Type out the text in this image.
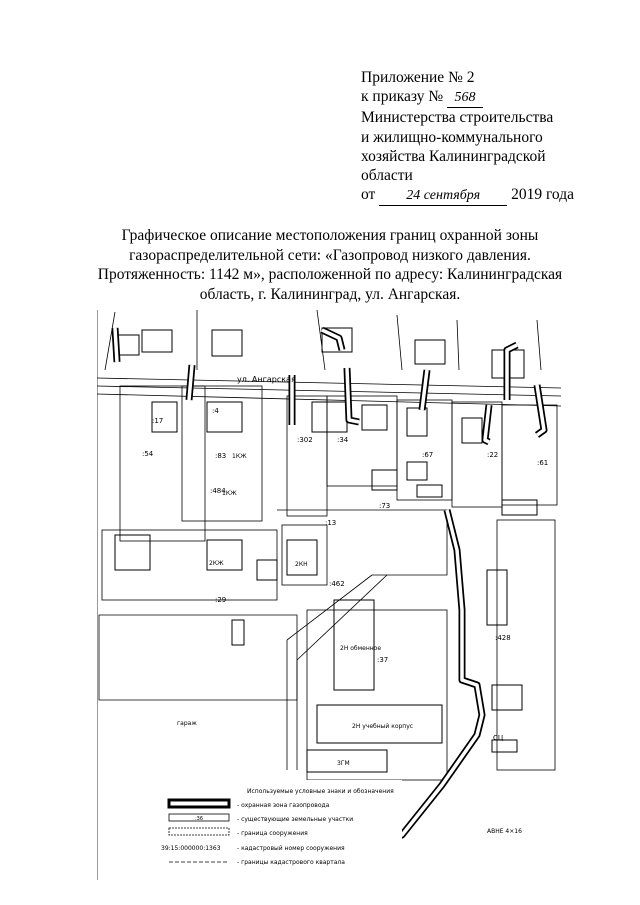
Приложение № 2
к приказу № 568
Министерства строительства
и жилищно-коммунального
хозяйства Калининградской
области
от 24 сентября 2019 года
Графическое описание местоположения границ охранной зоны
газораспределительной сети: «Газопровод низкого давления.
Протяженность: 1142 м», расположенной по адресу: Калининградская
область, г. Калининград, ул. Ангарская.
ул. Ангарская
:54
:4
:17
:302	:34
:67	:22
:61
:73
:13
:29
:37
:428
:484
:83
:462
2КЖ
1КЖ
2КН
1КЖ
2Н обменное
2Н учебный корпус
3ГМ
СЦ
гараж
АВНЕ 4×16
Используемые условные знаки и обозначения
- охранная зона газопровода
:36	- существующие земельные участки
- граница сооружения
39:15:000000:1363	- кадастровый номер сооружения
- границы кадастрового квартала
